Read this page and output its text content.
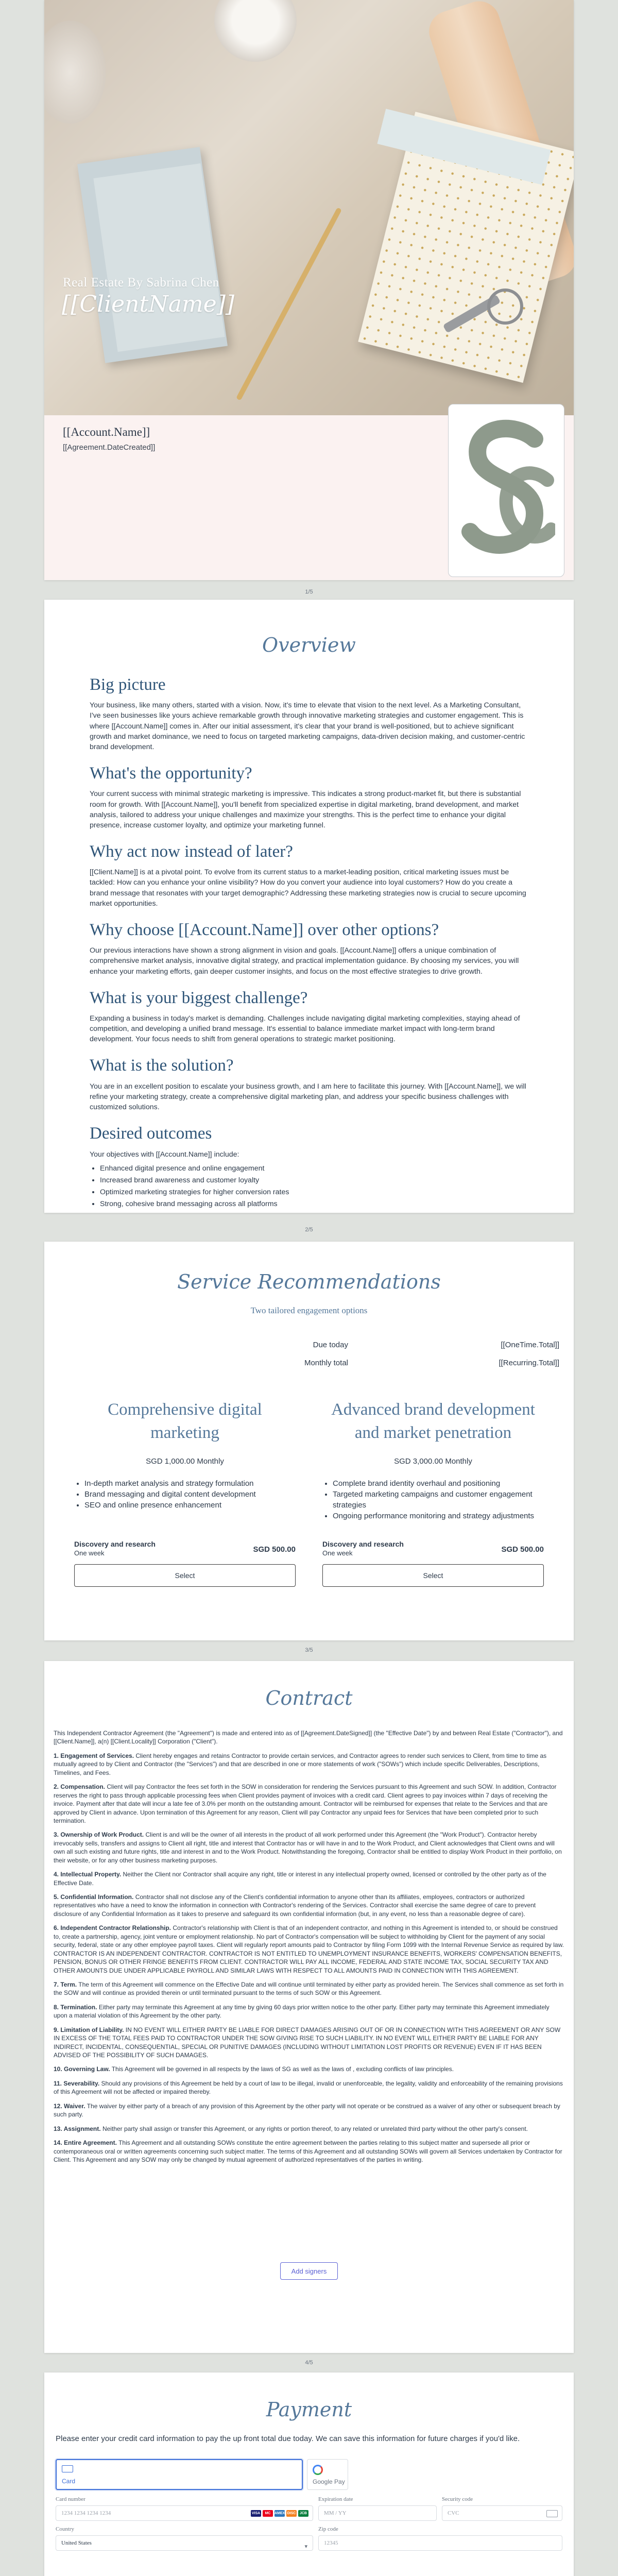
Real Estate By Sabrina Chen
[[ClientName]]
[[Account.Name]]
[[Agreement.DateCreated]]
1/5
Overview
Big picture

Your business, like many others, started with a vision. Now, it's time to elevate that vision to the next level. As a Marketing Consultant, I've seen businesses like yours achieve remarkable growth through innovative marketing strategies and customer engagement. This is where [[Account.Name]] comes in. After our initial assessment, it's clear that your brand is well-positioned, but to achieve significant growth and market dominance, we need to focus on targeted marketing campaigns, data-driven decision making, and customer-centric brand development.

What's the opportunity?

Your current success with minimal strategic marketing is impressive. This indicates a strong product-market fit, but there is substantial room for growth. With [[Account.Name]], you'll benefit from specialized expertise in digital marketing, brand development, and market analysis, tailored to address your unique challenges and maximize your strengths. This is the perfect time to enhance your digital presence, increase customer loyalty, and optimize your marketing funnel.

Why act now instead of later?

[[Client.Name]] is at a pivotal point. To evolve from its current status to a market-leading position, critical marketing issues must be tackled: How can you enhance your online visibility? How do you convert your audience into loyal customers? How do you create a brand message that resonates with your target demographic? Addressing these marketing strategies now is crucial to secure upcoming market opportunities.

Why choose [[Account.Name]] over other options?

Our previous interactions have shown a strong alignment in vision and goals. [[Account.Name]] offers a unique combination of comprehensive market analysis, innovative digital strategy, and practical implementation guidance. By choosing my services, you will enhance your marketing efforts, gain deeper customer insights, and focus on the most effective strategies to drive growth.

What is your biggest challenge?

Expanding a business in today's market is demanding. Challenges include navigating digital marketing complexities, staying ahead of competition, and developing a unified brand message. It's essential to balance immediate market impact with long-term brand development. Your focus needs to shift from general operations to strategic market positioning.

What is the solution?

You are in an excellent position to escalate your business growth, and I am here to facilitate this journey. With [[Account.Name]], we will refine your marketing strategy, create a comprehensive digital marketing plan, and address your specific business challenges with customized solutions.

Desired outcomes

Your objectives with [[Account.Name]] include:

• Enhanced digital presence and online engagement
• Increased brand awareness and customer loyalty
• Optimized marketing strategies for higher conversion rates
• Strong, cohesive brand messaging across all platforms
2/5
Service Recommendations
Two tailored engagement options
Due today	[[OneTime.Total]]
Monthly total	[[Recurring.Total]]
Comprehensive digital marketing
SGD 1,000.00 Monthly
• In-depth market analysis and strategy formulation
• Brand messaging and digital content development
• SEO and online presence enhancement
Discovery and research
One week	SGD 500.00
Select
Advanced brand development and market penetration
SGD 3,000.00 Monthly
• Complete brand identity overhaul and positioning
• Targeted marketing campaigns and customer engagement strategies
• Ongoing performance monitoring and strategy adjustments
Discovery and research
One week	SGD 500.00
Select
3/5
Contract

This Independent Contractor Agreement (the "Agreement") is made and entered into as of [[Agreement.DateSigned]] (the "Effective Date") by and between Real Estate ("Contractor"), and [[Client.Name]], a(n) [[Client.Locality]] Corporation ("Client").

1. Engagement of Services. Client hereby engages and retains Contractor to provide certain services, and Contractor agrees to render such services to Client, from time to time as mutually agreed to by Client and Contractor (the "Services") and that are described in one or more statements of work ("SOWs") which include specific Deliverables, Descriptions, Timelines, and Fees.

2. Compensation. Client will pay Contractor the fees set forth in the SOW in consideration for rendering the Services pursuant to this Agreement and such SOW. In addition, Contractor reserves the right to pass through applicable processing fees when Client provides payment of invoices with a credit card. Client agrees to pay invoices within 7 days of receiving the invoice. Payment after that date will incur a late fee of 3.0% per month on the outstanding amount. Contractor will be reimbursed for expenses that relate to the Services and that are approved by Client in advance. Upon termination of this Agreement for any reason, Client will pay Contractor any unpaid fees for Services that have been completed prior to such termination.

3. Ownership of Work Product. Client is and will be the owner of all interests in the product of all work performed under this Agreement (the "Work Product"). Contractor hereby irrevocably sells, transfers and assigns to Client all right, title and interest that Contractor has or will have in and to the Work Product, and Client acknowledges that Client owns and will own all such existing and future rights, title and interest in and to the Work Product. Notwithstanding the foregoing, Contractor shall be entitled to display Work Product in their portfolio, on their website, or for any other business marketing purposes.

4. Intellectual Property. Neither the Client nor Contractor shall acquire any right, title or interest in any intellectual property owned, licensed or controlled by the other party as of the Effective Date.

5. Confidential Information. Contractor shall not disclose any of the Client's confidential information to anyone other than its affiliates, employees, contractors or authorized representatives who have a need to know the information in connection with Contractor's rendering of the Services. Contractor shall exercise the same degree of care to prevent disclosure of any Confidential Information as it takes to preserve and safeguard its own confidential information (but, in any event, no less than a reasonable degree of care).

6. Independent Contractor Relationship. Contractor's relationship with Client is that of an independent contractor, and nothing in this Agreement is intended to, or should be construed to, create a partnership, agency, joint venture or employment relationship. No part of Contractor's compensation will be subject to withholding by Client for the payment of any social security, federal, state or any other employee payroll taxes. Client will regularly report amounts paid to Contractor by filing Form 1099 with the Internal Revenue Service as required by law. CONTRACTOR IS AN INDEPENDENT CONTRACTOR. CONTRACTOR IS NOT ENTITLED TO UNEMPLOYMENT INSURANCE BENEFITS, WORKERS' COMPENSATION BENEFITS, PENSION, BONUS OR OTHER FRINGE BENEFITS FROM CLIENT. CONTRACTOR WILL PAY ALL INCOME, FEDERAL AND STATE INCOME TAX, SOCIAL SECURITY TAX AND OTHER AMOUNTS DUE UNDER APPLICABLE PAYROLL AND SIMILAR LAWS WITH RESPECT TO ALL AMOUNTS PAID IN CONNECTION WITH THIS AGREEMENT.

7. Term. The term of this Agreement will commence on the Effective Date and will continue until terminated by either party as provided herein. The Services shall commence as set forth in the SOW and will continue as provided therein or until terminated pursuant to the terms of such SOW or this Agreement.

8. Termination. Either party may terminate this Agreement at any time by giving 60 days prior written notice to the other party. Either party may terminate this Agreement immediately upon a material violation of this Agreement by the other party.

9. Limitation of Liability. IN NO EVENT WILL EITHER PARTY BE LIABLE FOR DIRECT DAMAGES ARISING OUT OF OR IN CONNECTION WITH THIS AGREEMENT OR ANY SOW IN EXCESS OF THE TOTAL FEES PAID TO CONTRACTOR UNDER THE SOW GIVING RISE TO SUCH LIABILITY. IN NO EVENT WILL EITHER PARTY BE LIABLE FOR ANY INDIRECT, INCIDENTAL, CONSEQUENTIAL, SPECIAL OR PUNITIVE DAMAGES (INCLUDING WITHOUT LIMITATION LOST PROFITS OR REVENUE) EVEN IF IT HAS BEEN ADVISED OF THE POSSIBILITY OF SUCH DAMAGES.

10. Governing Law. This Agreement will be governed in all respects by the laws of SG as well as the laws of , excluding conflicts of law principles.

11. Severability. Should any provisions of this Agreement be held by a court of law to be illegal, invalid or unenforceable, the legality, validity and enforceability of the remaining provisions of this Agreement will not be affected or impaired thereby.

12. Waiver. The waiver by either party of a breach of any provision of this Agreement by the other party will not operate or be construed as a waiver of any other or subsequent breach by such party.

13. Assignment. Neither party shall assign or transfer this Agreement, or any rights or portion thereof, to any related or unrelated third party without the other party's consent.

14. Entire Agreement. This Agreement and all outstanding SOWs constitute the entire agreement between the parties relating to this subject matter and supersede all prior or contemporaneous oral or written agreements concerning such subject matter. The terms of this Agreement and all outstanding SOWs will govern all Services undertaken by Contractor for Client. This Agreement and any SOW may only be changed by mutual agreement of authorized representatives of the parties in writing.

Add signers
4/5
Payment
Please enter your credit card information to pay the up front total due today. We can save this information for future charges if you'd like.
Card	Google Pay
Card number
1234 1234 1234 1234	VISA	MC	AMEX DISC	JCB
Expiration date
MM / YY
Security code
CVC
Country
United States
▾
Zip code
12345
